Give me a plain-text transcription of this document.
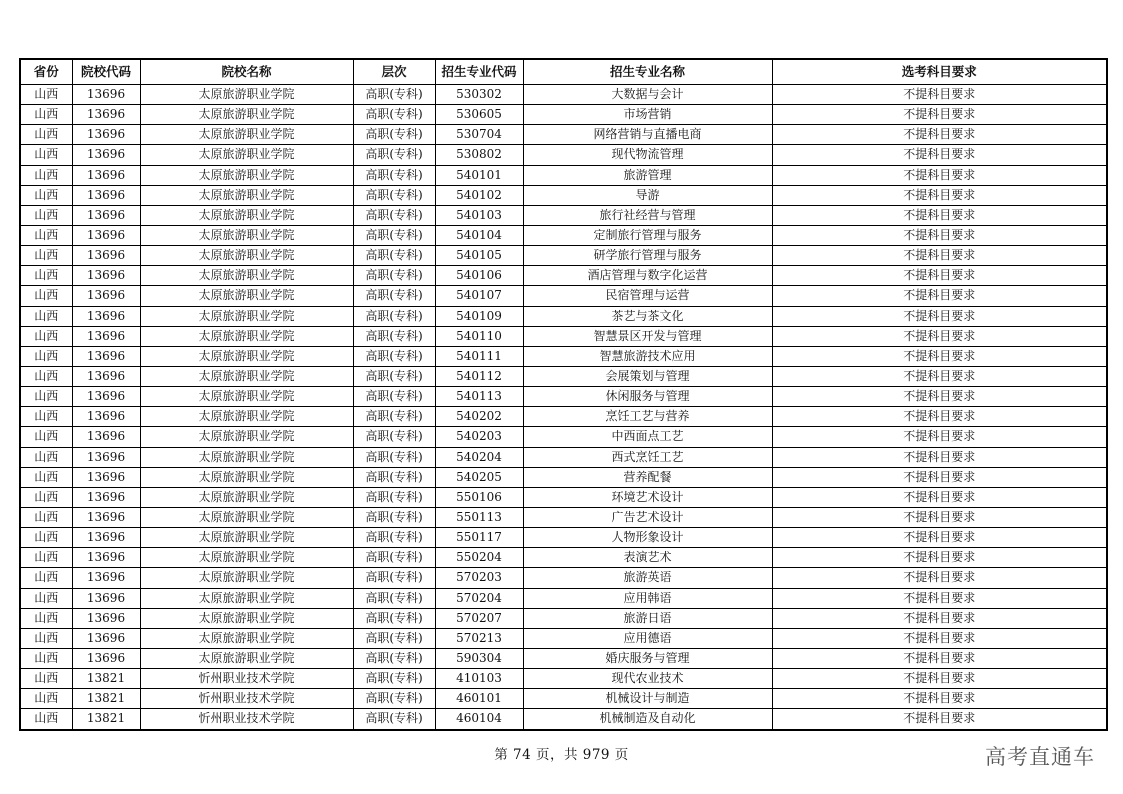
省份	院校代码	院校名称	层次	招生专业代码	招生专业名称	选考科目要求
山西	13696	太原旅游职业学院	高职(专科)	530302	大数据与会计	不提科目要求
山西	13696	太原旅游职业学院	高职(专科)	530605	市场营销	不提科目要求
山西	13696	太原旅游职业学院	高职(专科)	530704	网络营销与直播电商	不提科目要求
山西	13696	太原旅游职业学院	高职(专科)	530802	现代物流管理	不提科目要求
山西	13696	太原旅游职业学院	高职(专科)	540101	旅游管理	不提科目要求
山西	13696	太原旅游职业学院	高职(专科)	540102	导游	不提科目要求
山西	13696	太原旅游职业学院	高职(专科)	540103	旅行社经营与管理	不提科目要求
山西	13696	太原旅游职业学院	高职(专科)	540104	定制旅行管理与服务	不提科目要求
山西	13696	太原旅游职业学院	高职(专科)	540105	研学旅行管理与服务	不提科目要求
山西	13696	太原旅游职业学院	高职(专科)	540106	酒店管理与数字化运营	不提科目要求
山西	13696	太原旅游职业学院	高职(专科)	540107	民宿管理与运营	不提科目要求
山西	13696	太原旅游职业学院	高职(专科)	540109	茶艺与茶文化	不提科目要求
山西	13696	太原旅游职业学院	高职(专科)	540110	智慧景区开发与管理	不提科目要求
山西	13696	太原旅游职业学院	高职(专科)	540111	智慧旅游技术应用	不提科目要求
山西	13696	太原旅游职业学院	高职(专科)	540112	会展策划与管理	不提科目要求
山西	13696	太原旅游职业学院	高职(专科)	540113	休闲服务与管理	不提科目要求
山西	13696	太原旅游职业学院	高职(专科)	540202	烹饪工艺与营养	不提科目要求
山西	13696	太原旅游职业学院	高职(专科)	540203	中西面点工艺	不提科目要求
山西	13696	太原旅游职业学院	高职(专科)	540204	西式烹饪工艺	不提科目要求
山西	13696	太原旅游职业学院	高职(专科)	540205	营养配餐	不提科目要求
山西	13696	太原旅游职业学院	高职(专科)	550106	环境艺术设计	不提科目要求
山西	13696	太原旅游职业学院	高职(专科)	550113	广告艺术设计	不提科目要求
山西	13696	太原旅游职业学院	高职(专科)	550117	人物形象设计	不提科目要求
山西	13696	太原旅游职业学院	高职(专科)	550204	表演艺术	不提科目要求
山西	13696	太原旅游职业学院	高职(专科)	570203	旅游英语	不提科目要求
山西	13696	太原旅游职业学院	高职(专科)	570204	应用韩语	不提科目要求
山西	13696	太原旅游职业学院	高职(专科)	570207	旅游日语	不提科目要求
山西	13696	太原旅游职业学院	高职(专科)	570213	应用德语	不提科目要求
山西	13696	太原旅游职业学院	高职(专科)	590304	婚庆服务与管理	不提科目要求
山西	13821	忻州职业技术学院	高职(专科)	410103	现代农业技术	不提科目要求
山西	13821	忻州职业技术学院	高职(专科)	460101	机械设计与制造	不提科目要求
山西	13821	忻州职业技术学院	高职(专科)	460104	机械制造及自动化	不提科目要求
第 74 页，共 979 页	高考直通车
